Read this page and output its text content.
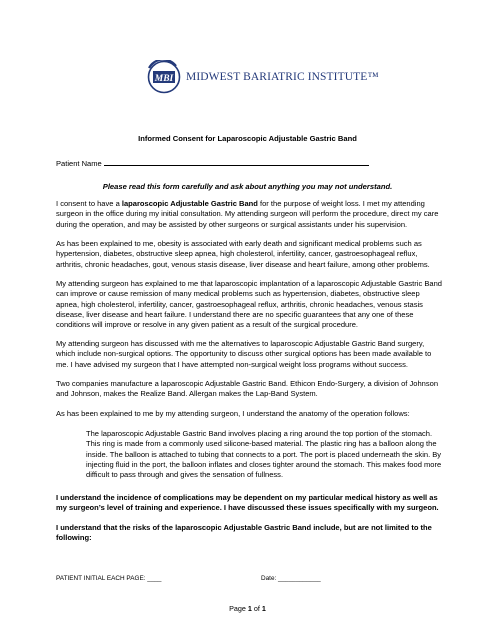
MBI MIDWEST BARIATRIC INSTITUTE™
Informed Consent for Laparoscopic Adjustable Gastric Band
Patient Name
Please read this form carefully and ask about anything you may not understand.

I consent to have a laparoscopic Adjustable Gastric Band for the purpose of weight loss. I met my attending surgeon in the office during my initial consultation. My attending surgeon will perform the procedure, direct my care during the operation, and may be assisted by other surgeons or surgical assistants under his supervision.

As has been explained to me, obesity is associated with early death and significant medical problems such as hypertension, diabetes, obstructive sleep apnea, high cholesterol, infertility, cancer, gastroesophageal reflux, arthritis, chronic headaches, gout, venous stasis disease, liver disease and heart failure, among other problems.

My attending surgeon has explained to me that laparoscopic implantation of a laparoscopic Adjustable Gastric Band can improve or cause remission of many medical problems such as hypertension, diabetes, obstructive sleep apnea, high cholesterol, infertility, cancer, gastroesophageal reflux, arthritis, chronic headaches, venous stasis disease, liver disease and heart failure. I understand there are no specific guarantees that any one of these conditions will improve or resolve in any given patient as a result of the surgical procedure.

My attending surgeon has discussed with me the alternatives to laparoscopic Adjustable Gastric Band surgery, which include non-surgical options. The opportunity to discuss other surgical options has been made available to me. I have advised my surgeon that I have attempted non-surgical weight loss programs without success.

Two companies manufacture a laparoscopic Adjustable Gastric Band. Ethicon Endo-Surgery, a division of Johnson and Johnson, makes the Realize Band. Allergan makes the Lap-Band System.

As has been explained to me by my attending surgeon, I understand the anatomy of the operation follows:

The laparoscopic Adjustable Gastric Band involves placing a ring around the top portion of the stomach. This ring is made from a commonly used silicone-based material. The plastic ring has a balloon along the inside. The balloon is attached to tubing that connects to a port. The port is placed underneath the skin. By injecting fluid in the port, the balloon inflates and closes tighter around the stomach. This makes food more difficult to pass through and gives the sensation of fullness.

I understand the incidence of complications may be dependent on my particular medical history as well as my surgeon’s level of training and experience. I have discussed these issues specifically with my surgeon.

I understand that the risks of the laparoscopic Adjustable Gastric Band include, but are not limited to the following:

PATIENT INITIAL EACH PAGE: ____	Date: ____________
Page 1 of 1
